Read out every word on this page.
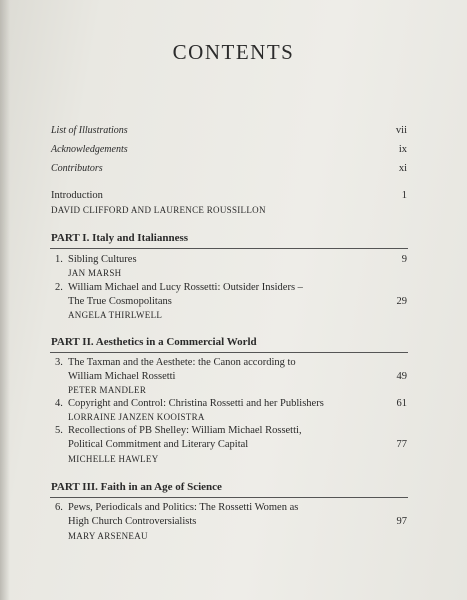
CONTENTS
List of Illustrations	vii
Acknowledgements	ix
Contributors	xi
Introduction	1
DAVID CLIFFORD AND LAURENCE ROUSSILLON
PART I. Italy and Italianness
1. Sibling Cultures	9
JAN MARSH
2. William Michael and Lucy Rossetti: Outsider Insiders –
The True Cosmopolitans	29
ANGELA THIRLWELL
PART II. Aesthetics in a Commercial World
3. The Taxman and the Aesthete: the Canon according to
William Michael Rossetti	49
PETER MANDLER
4. Copyright and Control: Christina Rossetti and her Publishers	61
LORRAINE JANZEN KOOISTRA
5. Recollections of PB Shelley: William Michael Rossetti,
Political Commitment and Literary Capital	77
MICHELLE HAWLEY
PART III. Faith in an Age of Science
6. Pews, Periodicals and Politics: The Rossetti Women as
High Church Controversialists	97
MARY ARSENEAU
